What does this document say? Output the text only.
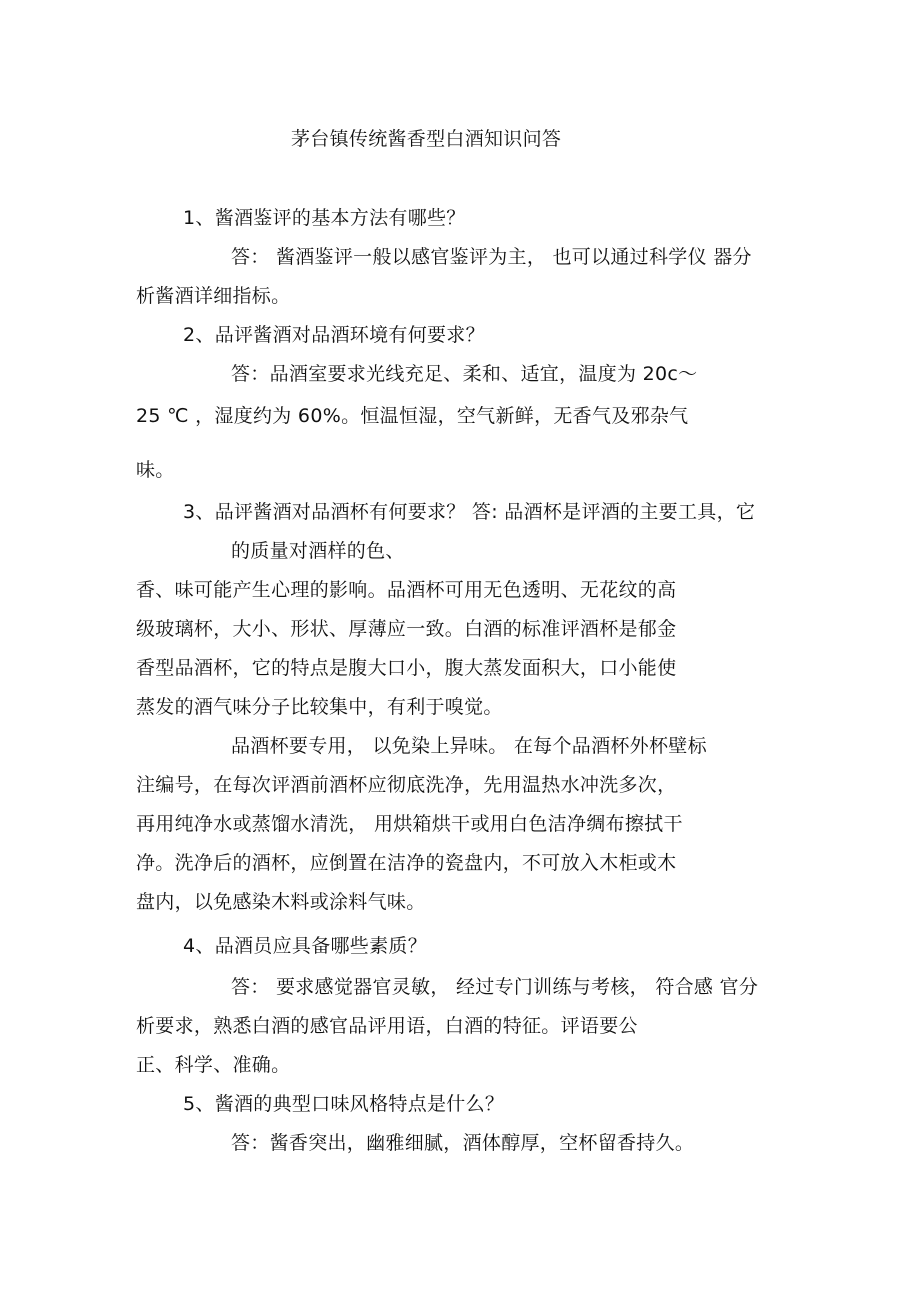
茅台镇传统酱香型白酒知识问答
1、酱酒鉴评的基本方法有哪些？
答： 酱酒鉴评一般以感官鉴评为主， 也可以通过科学仪 器分
析酱酒详细指标。
2、品评酱酒对品酒环境有何要求？
答：品酒室要求光线充足、柔和、适宜，温度为 20c〜
25 ℃ ，湿度约为 60%。恒温恒湿，空气新鲜，无香气及邪杂气
味。
3、品评酱酒对品酒杯有何要求？ 答: 品酒杯是评酒的主要工具，它
的质量对酒样的色、
香、味可能产生心理的影响。品酒杯可用无色透明、无花纹的高
级玻璃杯，大小、形状、厚薄应一致。白酒的标准评酒杯是郁金
香型品酒杯，它的特点是腹大口小，腹大蒸发面积大，口小能使
蒸发的酒气味分子比较集中，有利于嗅觉。
品酒杯要专用， 以免染上异味。 在每个品酒杯外杯壁标
注编号，在每次评酒前酒杯应彻底洗净，先用温热水冲洗多次，
再用纯净水或蒸馏水清洗， 用烘箱烘干或用白色洁净绸布擦拭干
净。洗净后的酒杯，应倒置在洁净的瓷盘内，不可放入木柜或木
盘内，以免感染木料或涂料气味。
4、品酒员应具备哪些素质？
答： 要求感觉器官灵敏， 经过专门训练与考核， 符合感 官分
析要求，熟悉白酒的感官品评用语，白酒的特征。评语要公
正、科学、准确。
5、酱酒的典型口味风格特点是什么？
答：酱香突出，幽雅细腻，酒体醇厚，空杯留香持久。
